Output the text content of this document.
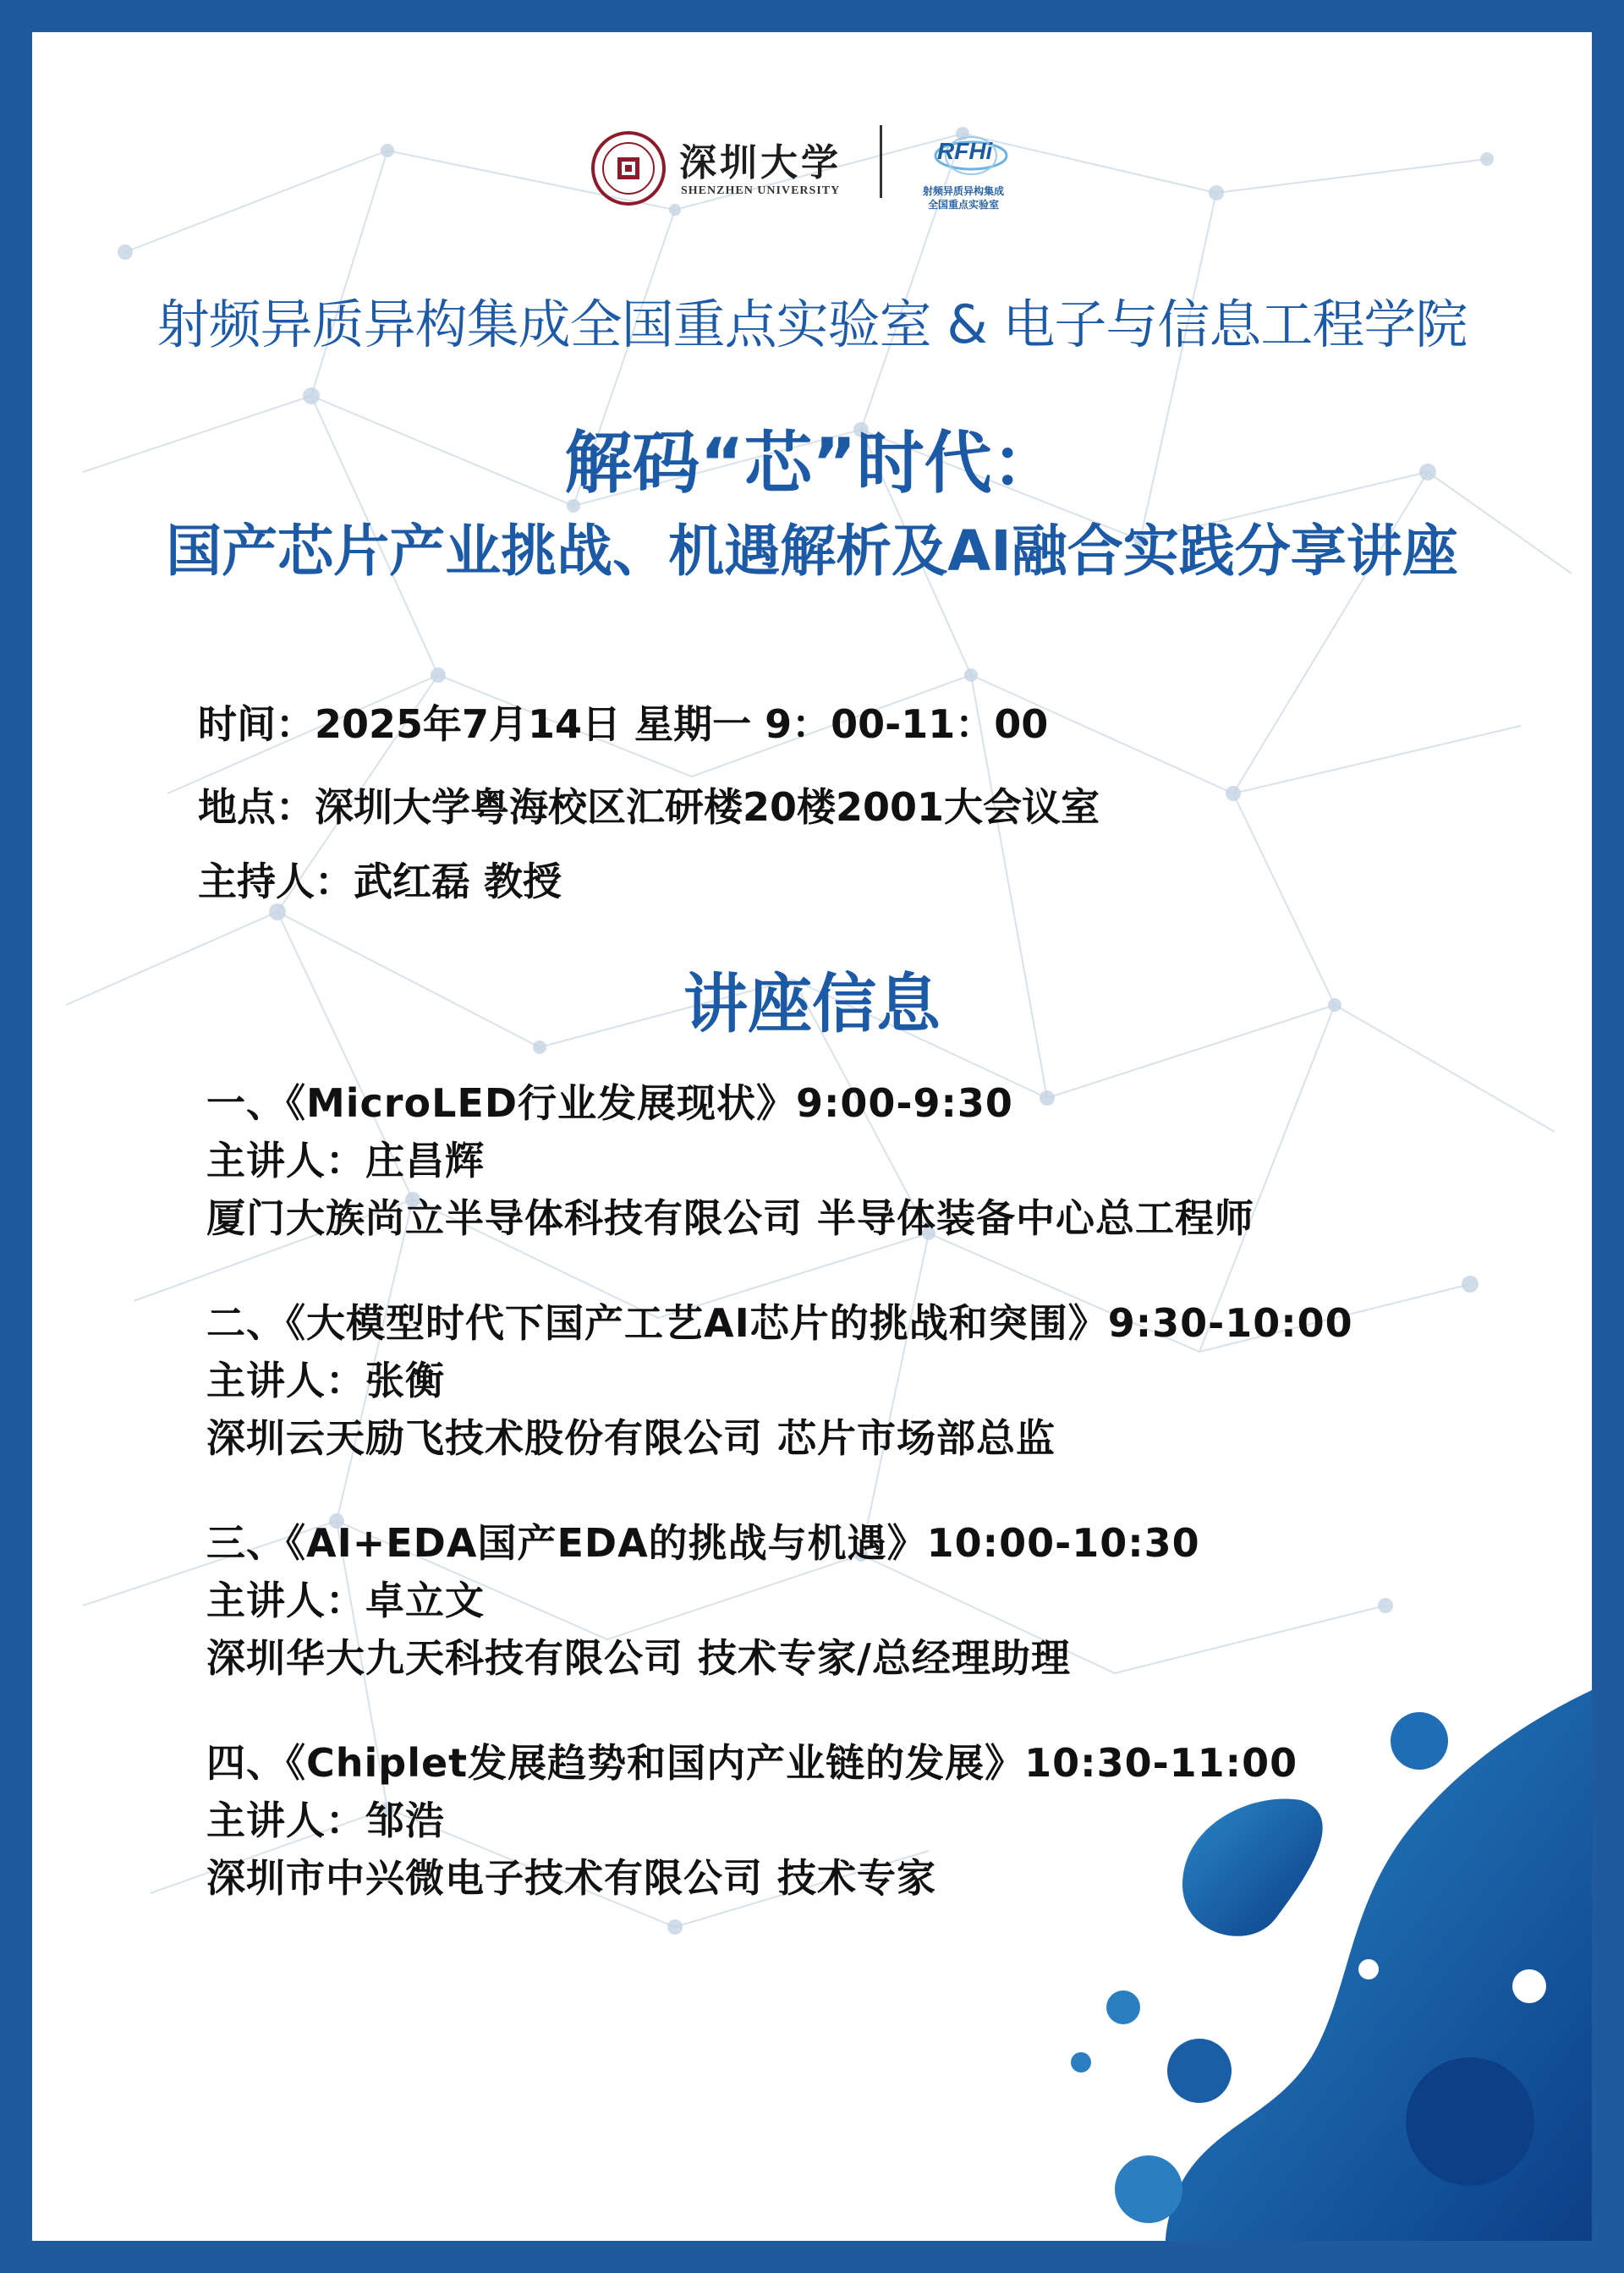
深圳大学
SHENZHEN UNIVERSITY
RFHi
射频异质异构集成
全国重点实验室
射频异质异构集成全国重点实验室 & 电子与信息工程学院
解码“芯”时代：
国产芯片产业挑战、机遇解析及AI融合实践分享讲座
时间：2025年7月14日 星期一 9：00-11：00
地点：深圳大学粤海校区汇研楼20楼2001大会议室
主持人：武红磊 教授
讲座信息
一、《MicroLED行业发展现状》9:00-9:30
主讲人：庄昌辉
厦门大族尚立半导体科技有限公司 半导体装备中心总工程师
二、《大模型时代下国产工艺AI芯片的挑战和突围》9:30-10:00
主讲人：张衡
深圳云天励飞技术股份有限公司 芯片市场部总监
三、《AI+EDA国产EDA的挑战与机遇》10:00-10:30
主讲人：卓立文
深圳华大九天科技有限公司 技术专家/总经理助理
四、《Chiplet发展趋势和国内产业链的发展》10:30-11:00
主讲人：邹浩
深圳市中兴微电子技术有限公司 技术专家
